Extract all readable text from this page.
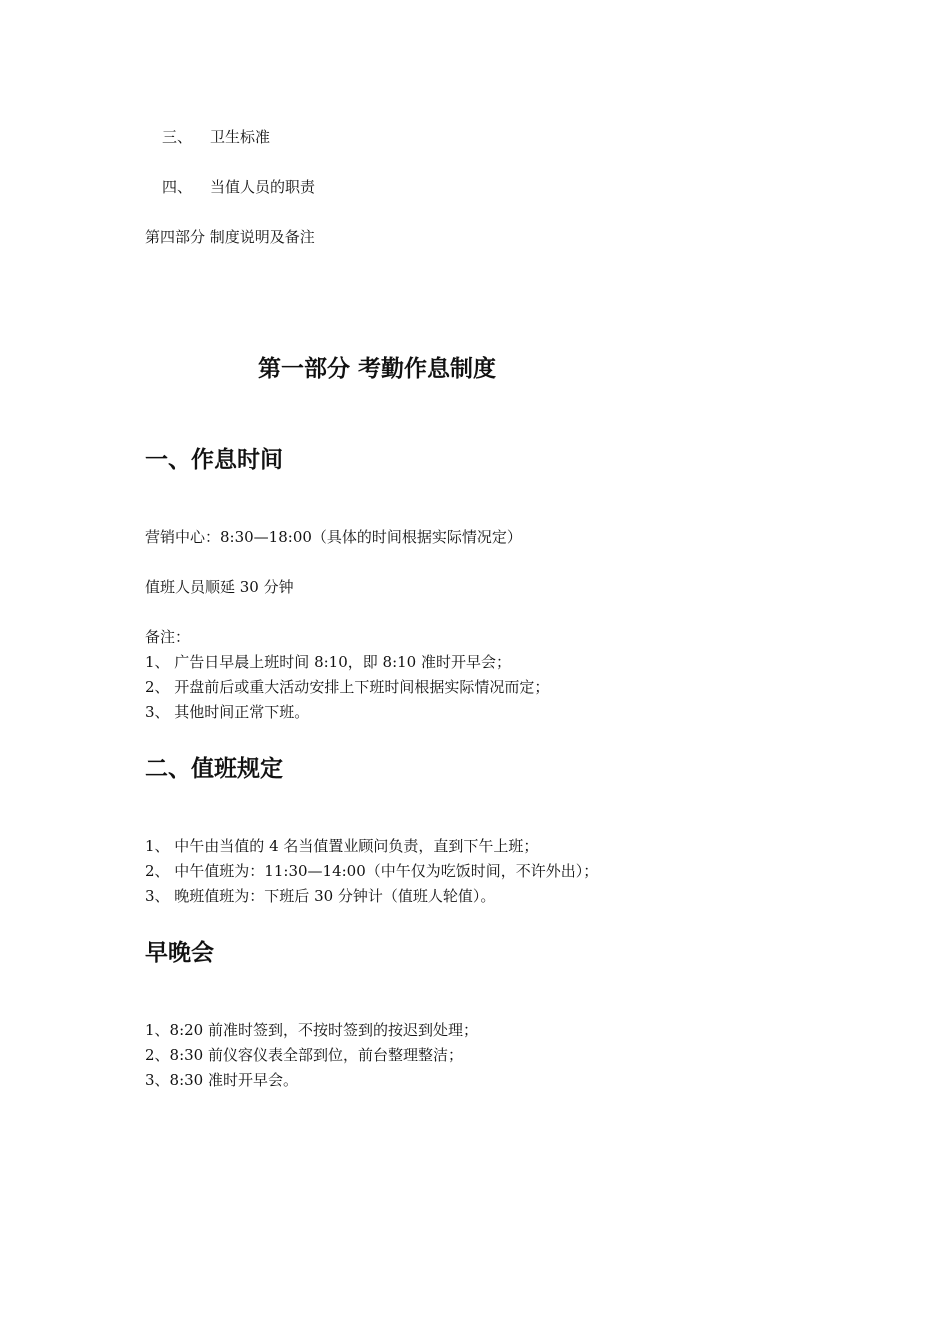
三、 卫生标准
四、 当值人员的职责
第四部分 制度说明及备注
第一部分 考勤作息制度
一、作息时间
营销中心：8:30—18:00（具体的时间根据实际情况定）
值班人员顺延 30 分钟
备注：
1、 广告日早晨上班时间 8:10，即 8:10 准时开早会；
2、 开盘前后或重大活动安排上下班时间根据实际情况而定；
3、 其他时间正常下班。
二、值班规定
1、 中午由当值的 4 名当值置业顾问负责，直到下午上班；
2、 中午值班为：11:30—14:00（中午仅为吃饭时间，不许外出）；
3、 晚班值班为：下班后 30 分钟计（值班人轮值）。
早晚会
1、8:20 前准时签到，不按时签到的按迟到处理；
2、8:30 前仪容仪表全部到位，前台整理整洁；
3、8:30 准时开早会。
